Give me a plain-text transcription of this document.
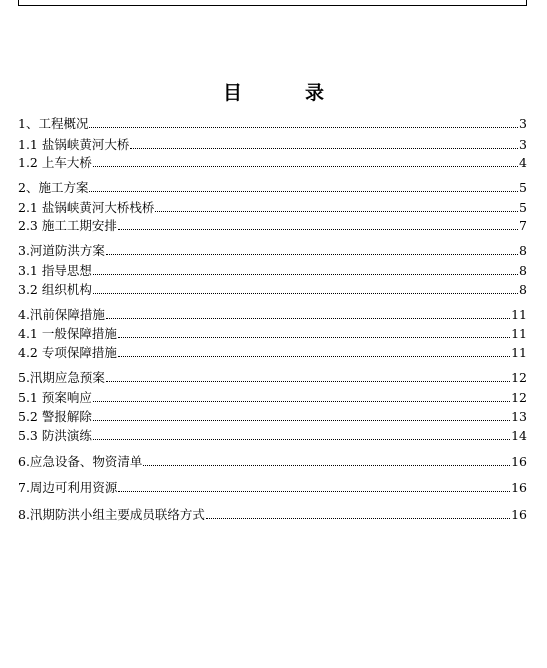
目　录
1、工程概况	3
1.1 盐锅峡黄河大桥	3
1.2 上车大桥	4
2、施工方案	5
2.1 盐锅峡黄河大桥栈桥	5
2.3 施工工期安排	7
3.河道防洪方案	8
3.1 指导思想	8
3.2 组织机构	8
4.汛前保障措施	11
4.1 一般保障措施	11
4.2 专项保障措施	11
5.汛期应急预案	12
5.1 预案响应	12
5.2 警报解除	13
5.3 防洪演练	14
6.应急设备、物资清单	16
7.周边可利用资源	16
8.汛期防洪小组主要成员联络方式	16
